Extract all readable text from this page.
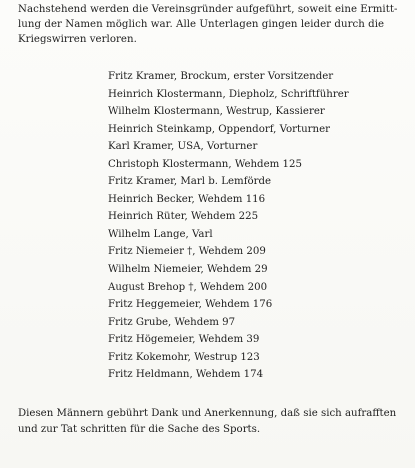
Nachstehend werden die Vereinsgründer aufgeführt, soweit eine Ermitt-
lung der Namen möglich war. Alle Unterlagen gingen leider durch die
Kriegswirren verloren.

Fritz Kramer, Brockum, erster Vorsitzender
Heinrich Klostermann, Diepholz, Schriftführer
Wilhelm Klostermann, Westrup, Kassierer
Heinrich Steinkamp, Oppendorf, Vorturner
Karl Kramer, USA, Vorturner
Christoph Klostermann, Wehdem 125
Fritz Kramer, Marl b. Lemförde
Heinrich Becker, Wehdem 116
Heinrich Rüter, Wehdem 225
Wilhelm Lange, Varl
Fritz Niemeier †, Wehdem 209
Wilhelm Niemeier, Wehdem 29
August Brehop †, Wehdem 200
Fritz Heggemeier, Wehdem 176
Fritz Grube, Wehdem 97
Fritz Högemeier, Wehdem 39
Fritz Kokemohr, Westrup 123
Fritz Heldmann, Wehdem 174

Diesen Männern gebührt Dank und Anerkennung, daß sie sich aufrafften
und zur Tat schritten für die Sache des Sports.
